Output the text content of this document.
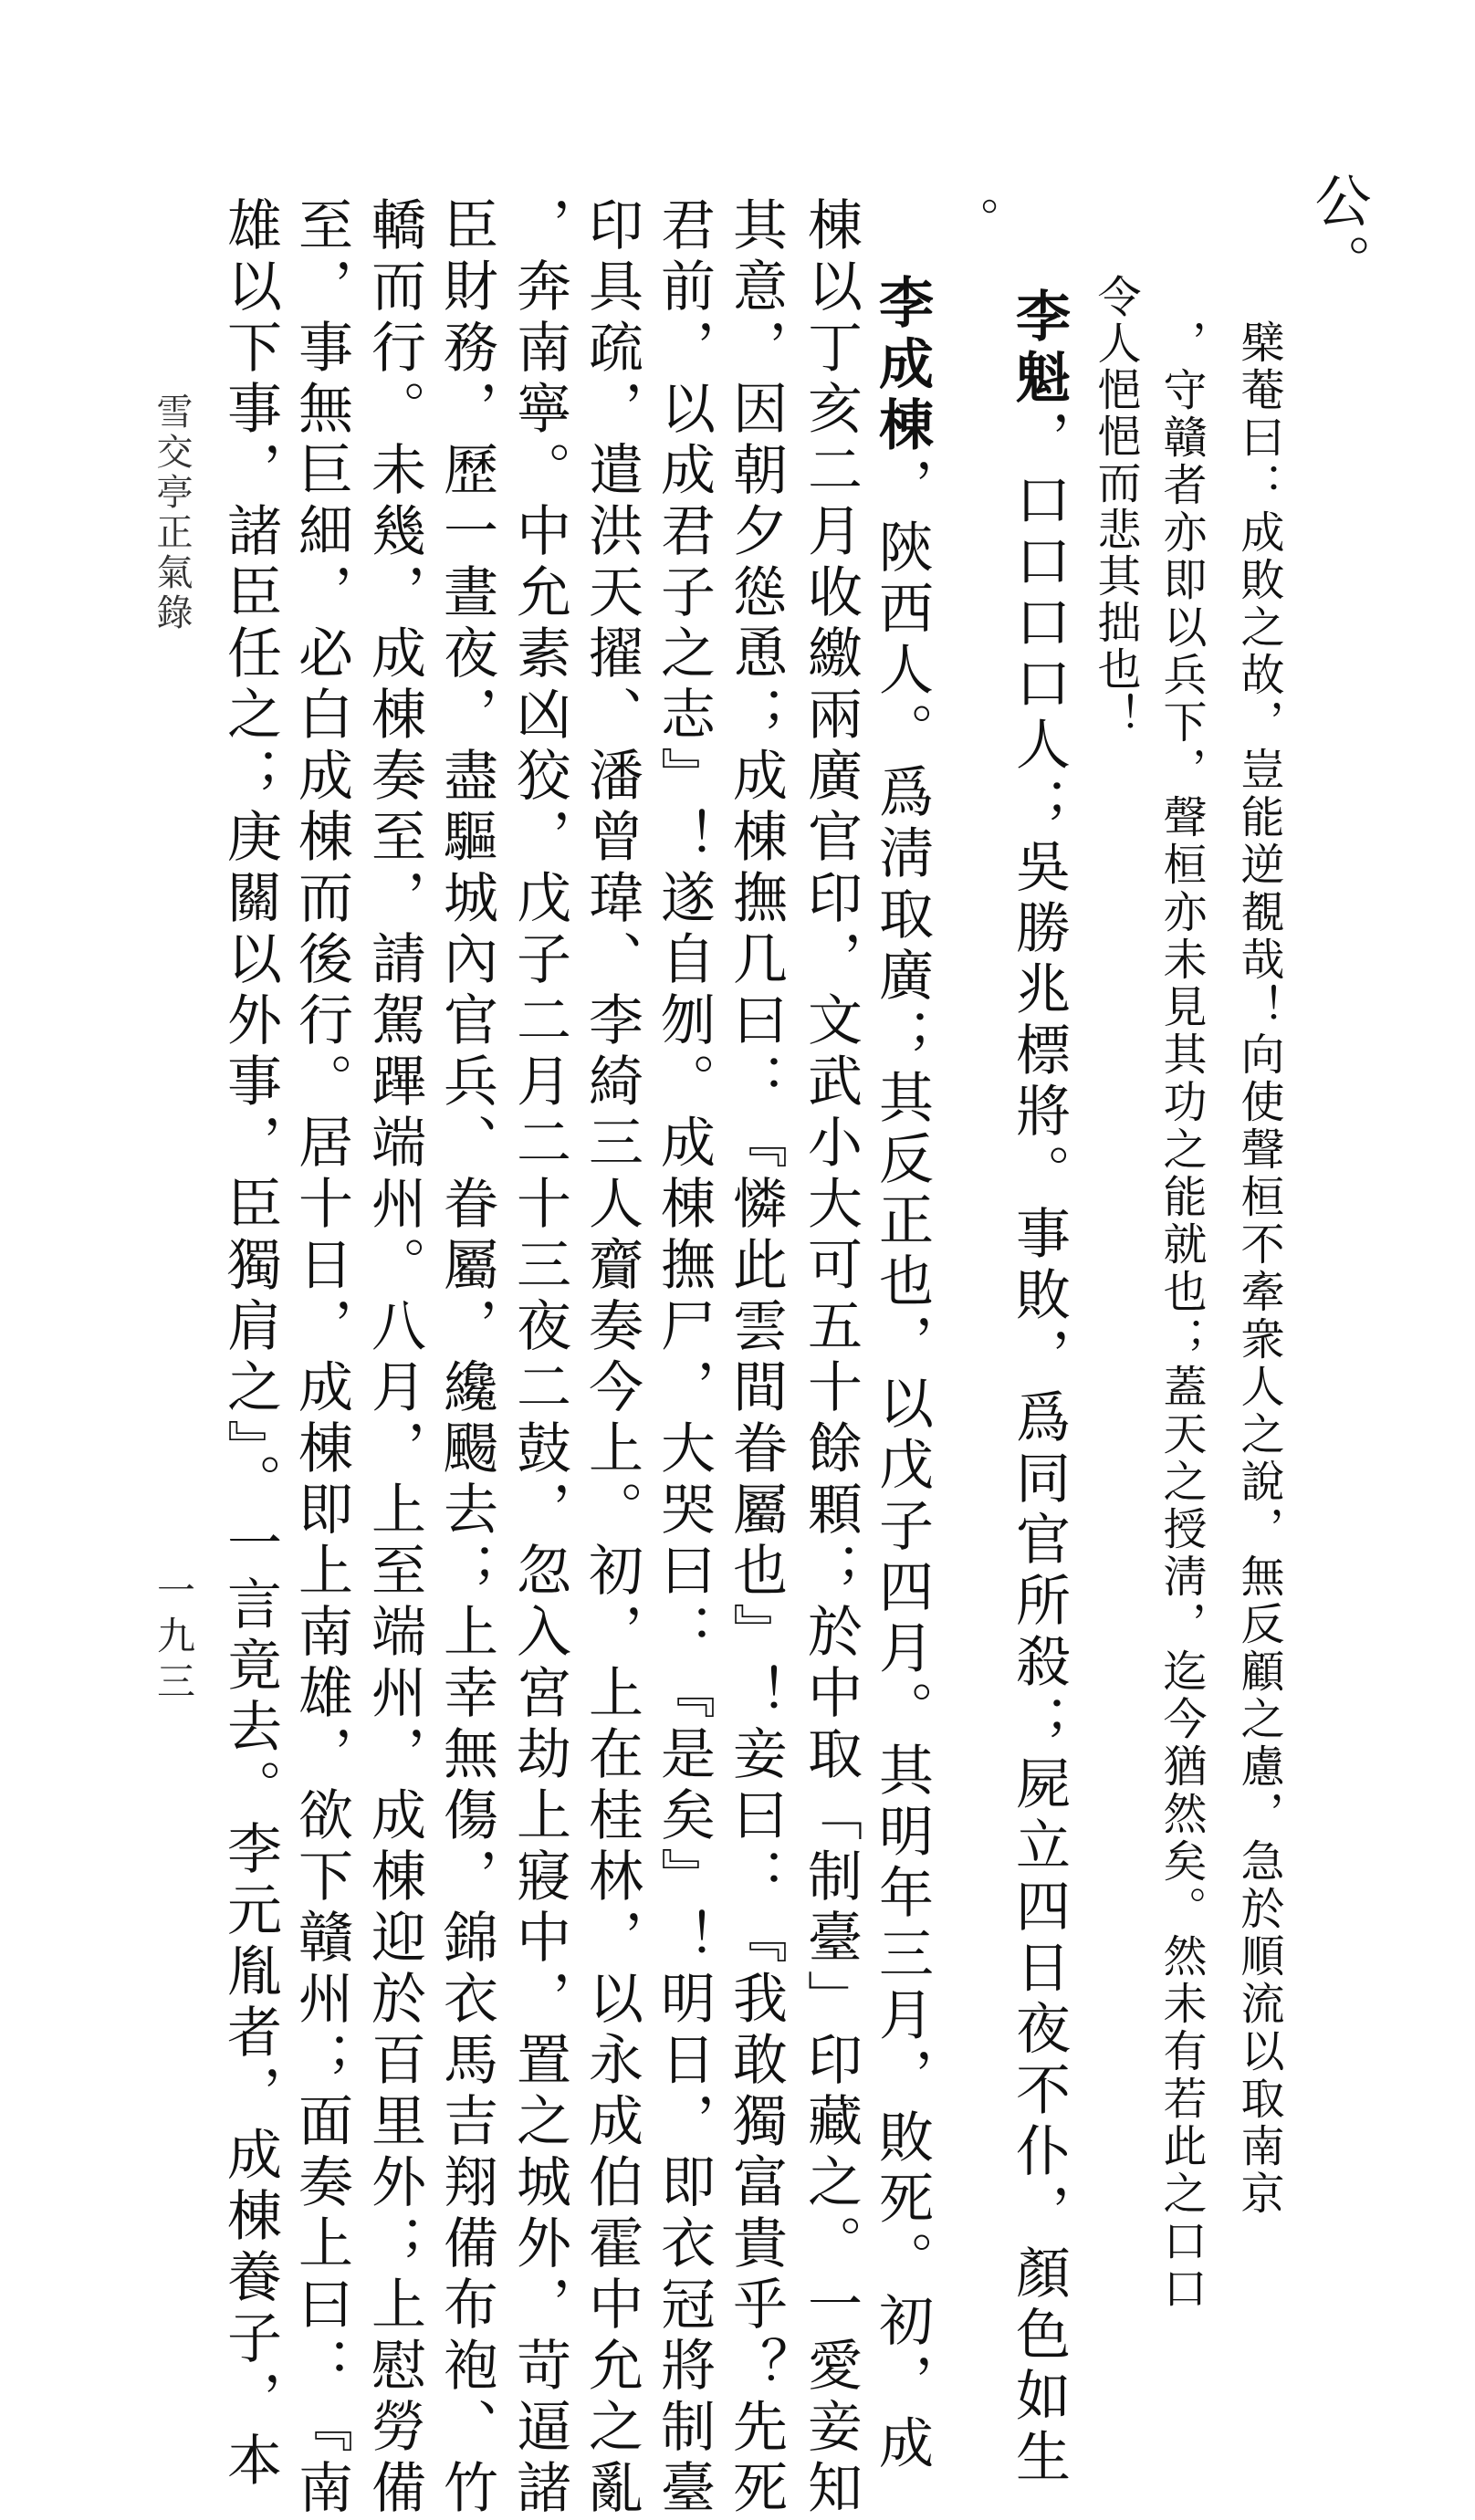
公。
檗菴曰：成敗之故，豈能逆覩哉！向使聲桓不牽衆人之說，無反顧之慮，急於順流以取南京
，守贛者亦即以兵下，聲桓亦未見其功之能就也；蓋天之授淸，迄今猶然矣。然未有若此之口口
令人悒悒而悲其拙也！
李魁，口口口口人；吳勝兆標將。事敗，爲同官所殺；屍立四日夜不仆，顏色如生
。
李成棟，陝西人。爲淸取廣；其反正也，以戊子四月。其明年三月，敗死。初，成
棟以丁亥二月收繳兩廣官印，文武小大可五十餘顆；於中取「制臺」印藏之。一愛妾知
其意，因朝夕慫恿；成棟撫几曰：『憐此雲間眷屬也』！妾曰：『我敢獨富貴乎？先死
君前，以成君子之志』！遂自刎。成棟撫尸，大哭曰：『是矣』！明日，即衣冠將制臺
印具疏，遣洪天擢、潘曾瑋、李綺三人齎奏今上。初，上在桂林，以永成伯霍中允之亂
，奔南寧。中允素凶狡，戊子二月二十三夜二鼓，忽入宮劫上寢中，置之城外，苛逼諸
臣財務，歷一晝夜，盡驅城內官兵、眷屬，纔颺去；上幸無傷，錦衣馬吉翔備布袍、竹
轎而行。未幾，成棟奏至，請駕蹕端州。八月，上至端州，成棟迎於百里外；上慰勞備
至，事無巨細，必白成棟而後行。居十日，成棟即上南雄，欲下贛州；面奏上曰：『南
雄以下事，諸臣任之；庚關以外事，臣獨肩之』。一言竟去。李元胤者，成棟養子，本
雪交亭正氣錄
一九三
